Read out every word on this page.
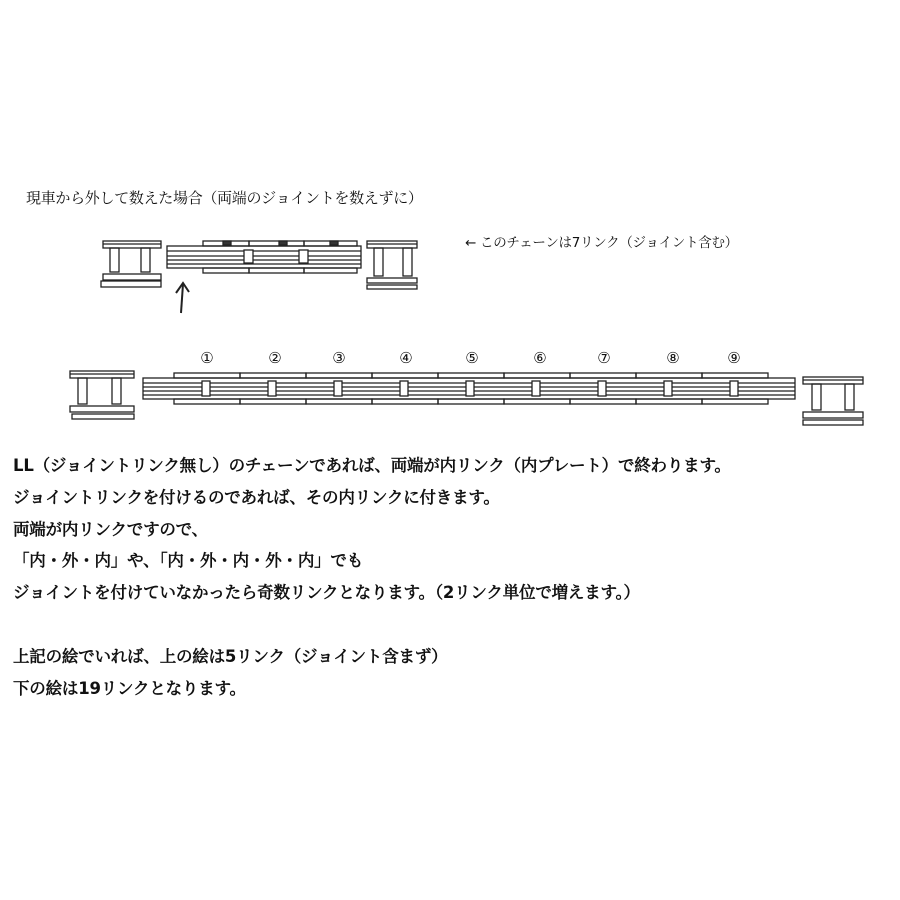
現車から外して数えた場合（両端のジョイントを数えずに）
← このチェーンは7リンク（ジョイント含む）
①	②	③	④	⑤	⑥	⑦	⑧	⑨
LL（ジョイントリンク無し）のチェーンであれば、両端が内リンク（内プレート）で終わります。
ジョイントリンクを付けるのであれば、その内リンクに付きます。
両端が内リンクですので、
「内・外・内」や、「内・外・内・外・内」でも
ジョイントを付けていなかったら奇数リンクとなります。（2リンク単位で増えます。）
上記の絵でいれば、上の絵は5リンク（ジョイント含まず）
下の絵は19リンクとなります。
